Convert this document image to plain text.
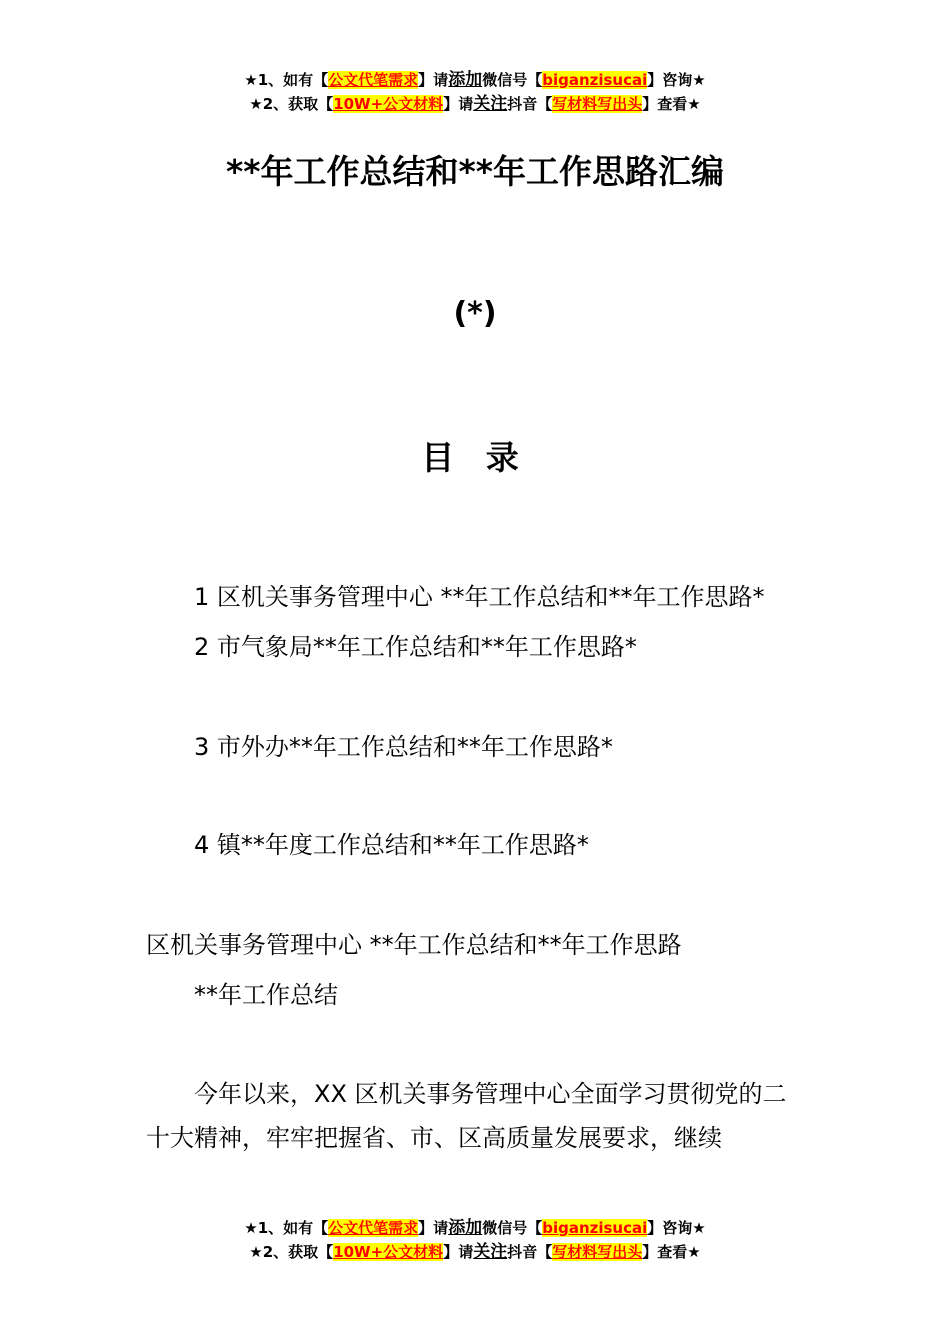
★1、如有【公文代笔需求】请添加微信号【biganzisucai】咨询★
★2、获取【10W+公文材料】请关注抖音【写材料写出头】查看★
**年工作总结和**年工作思路汇编
(*)
目 录
1 区机关事务管理中心 **年工作总结和**年工作思路*
2 市气象局**年工作总结和**年工作思路*
3 市外办**年工作总结和**年工作思路*
4 镇**年度工作总结和**年工作思路*
区机关事务管理中心 **年工作总结和**年工作思路
**年工作总结
今年以来，XX 区机关事务管理中心全面学习贯彻党的二十大精神，牢牢把握省、市、区高质量发展要求，继续
★1、如有【公文代笔需求】请添加微信号【biganzisucai】咨询★
★2、获取【10W+公文材料】请关注抖音【写材料写出头】查看★
